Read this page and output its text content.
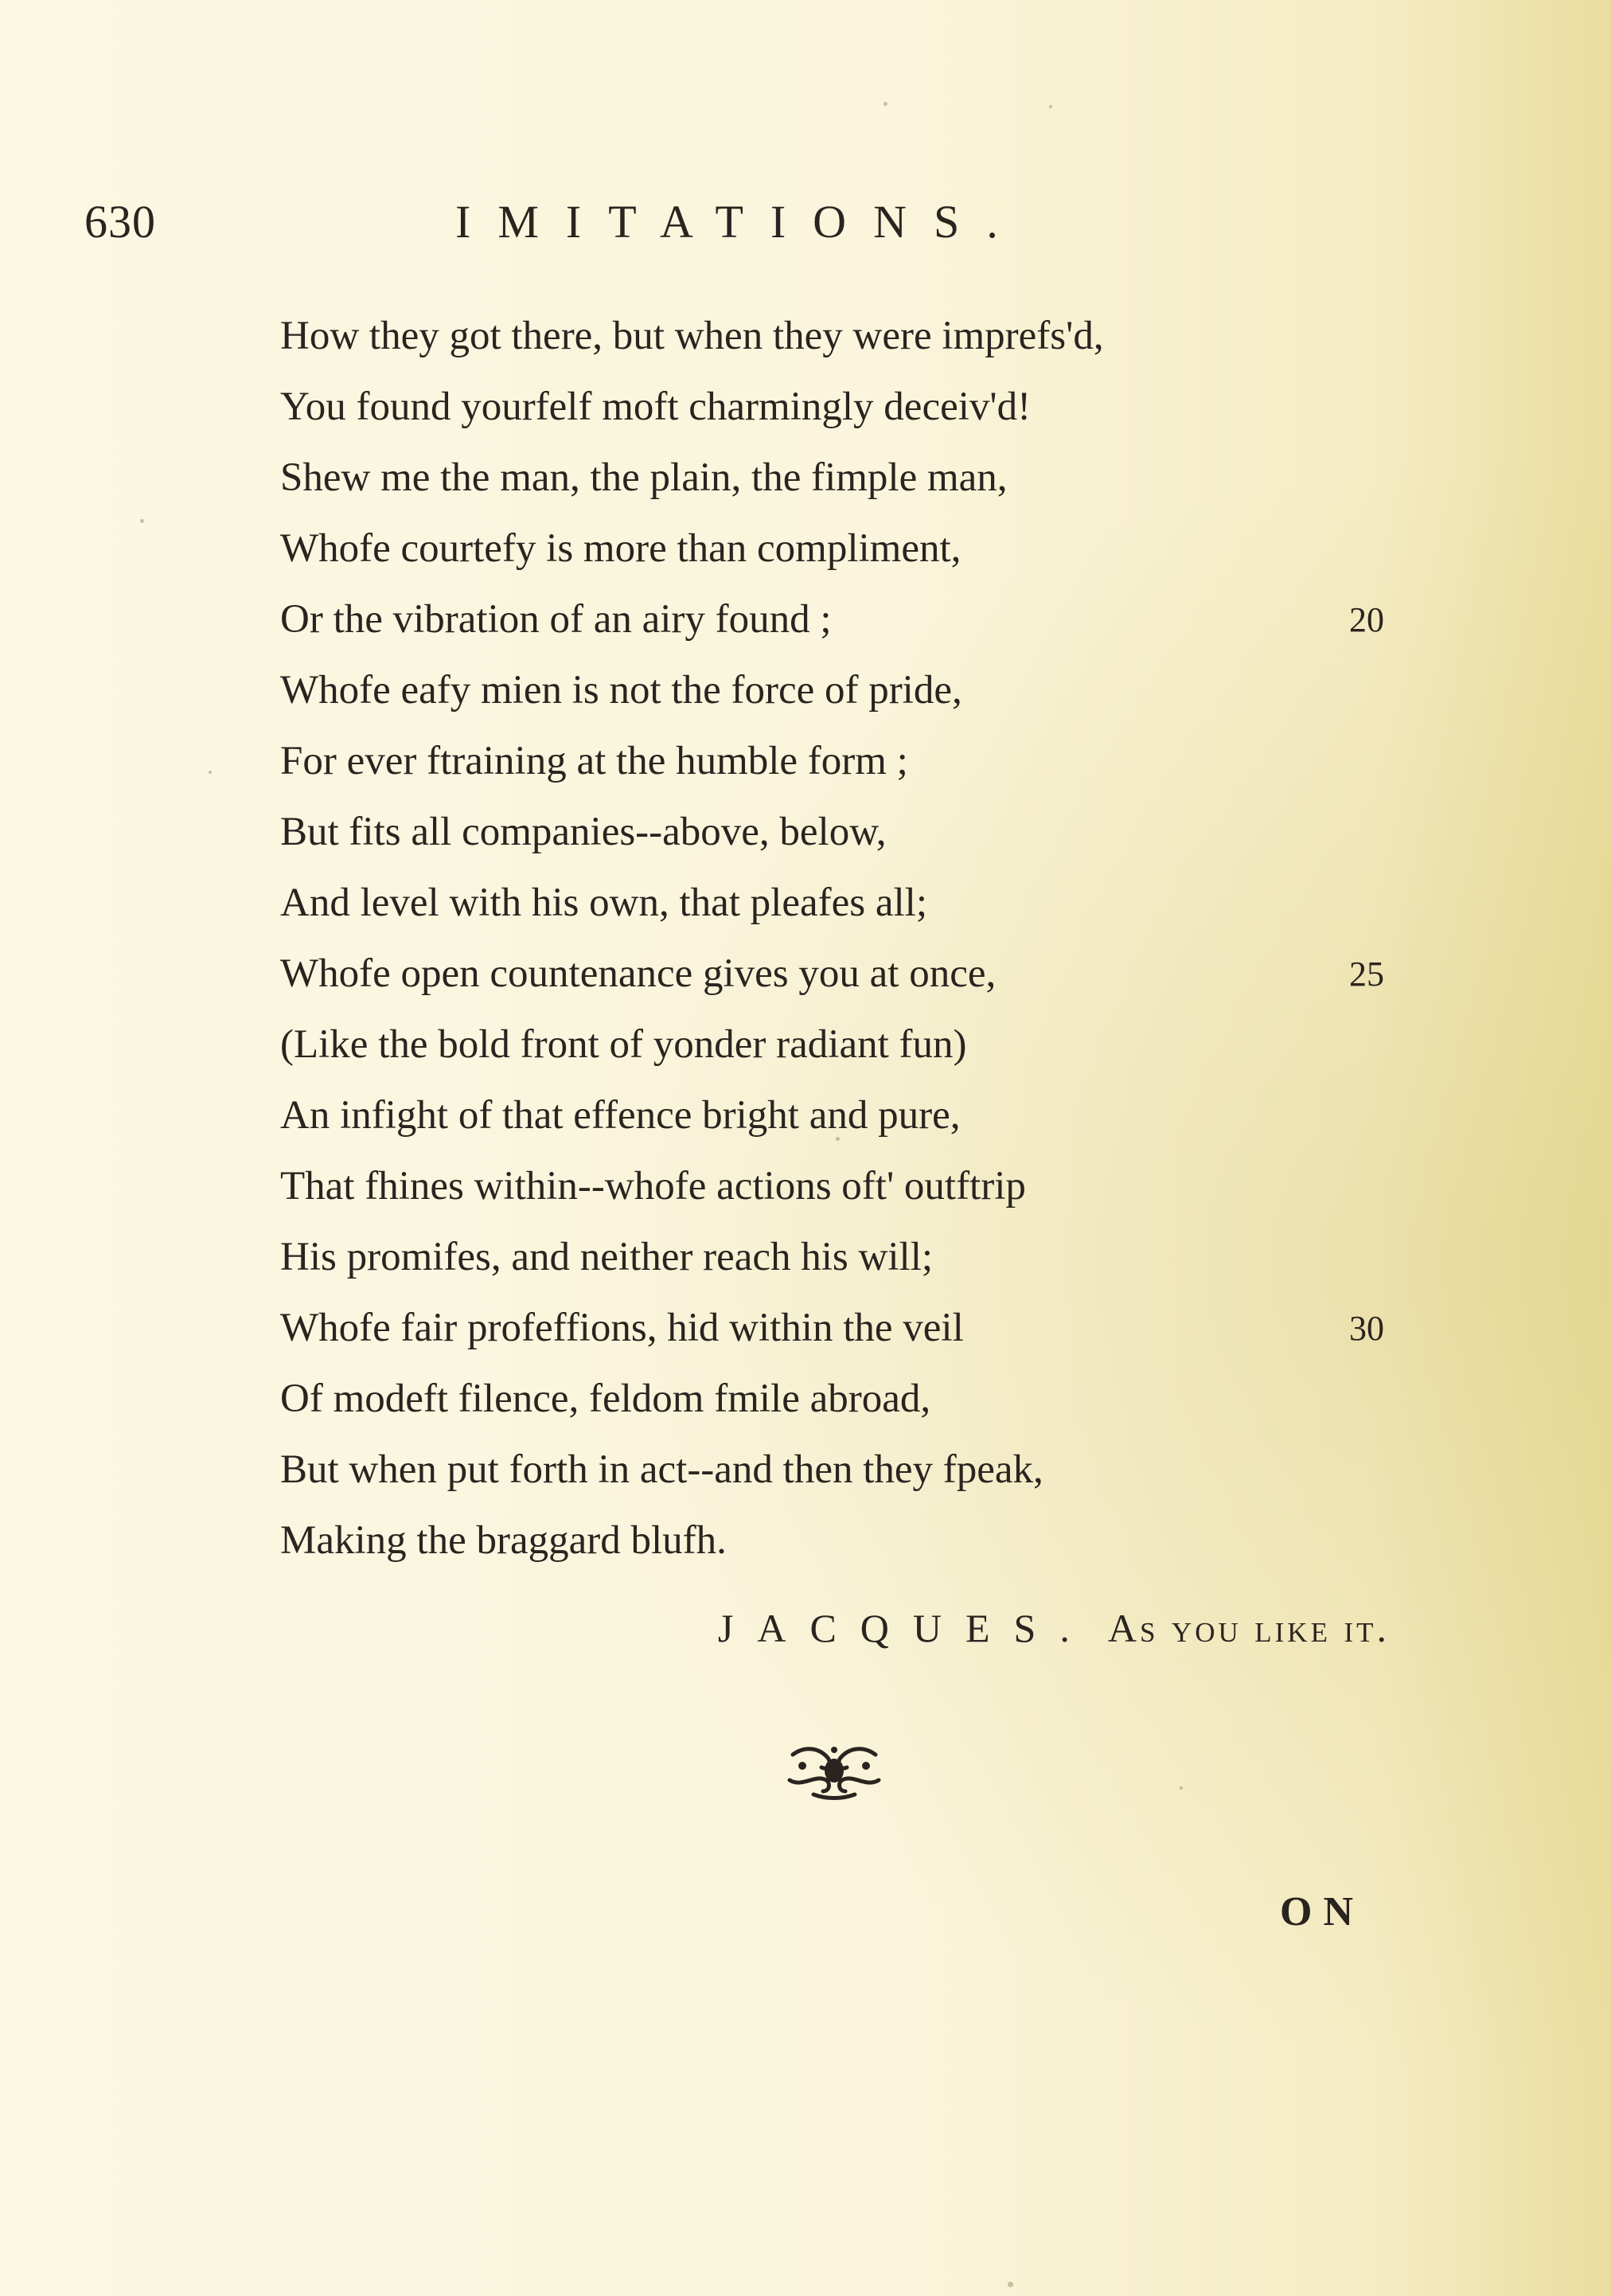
630	IMITATIONS.
How they got there, but when they were imprefs'd,
You found yourfelf moft charmingly deceiv'd!
Shew me the man, the plain, the fimple man,
Whofe courtefy is more than compliment,
Or the vibration of an airy found ;	20
Whofe eafy mien is not the force of pride,
For ever ftraining at the humble form ;
But fits all companies--above, below,
And level with his own, that pleafes all;
Whofe open countenance gives you at once,	25
(Like the bold front of yonder radiant fun)
An infight of that effence bright and pure,
That fhines within--whofe actions oft' outftrip
His promifes, and neither reach his will;
Whofe fair profeffions, hid within the veil	30
Of modeft filence, feldom fmile abroad,
But when put forth in act--and then they fpeak,
Making the braggard blufh.
JACQUES. As you like it.
ON
